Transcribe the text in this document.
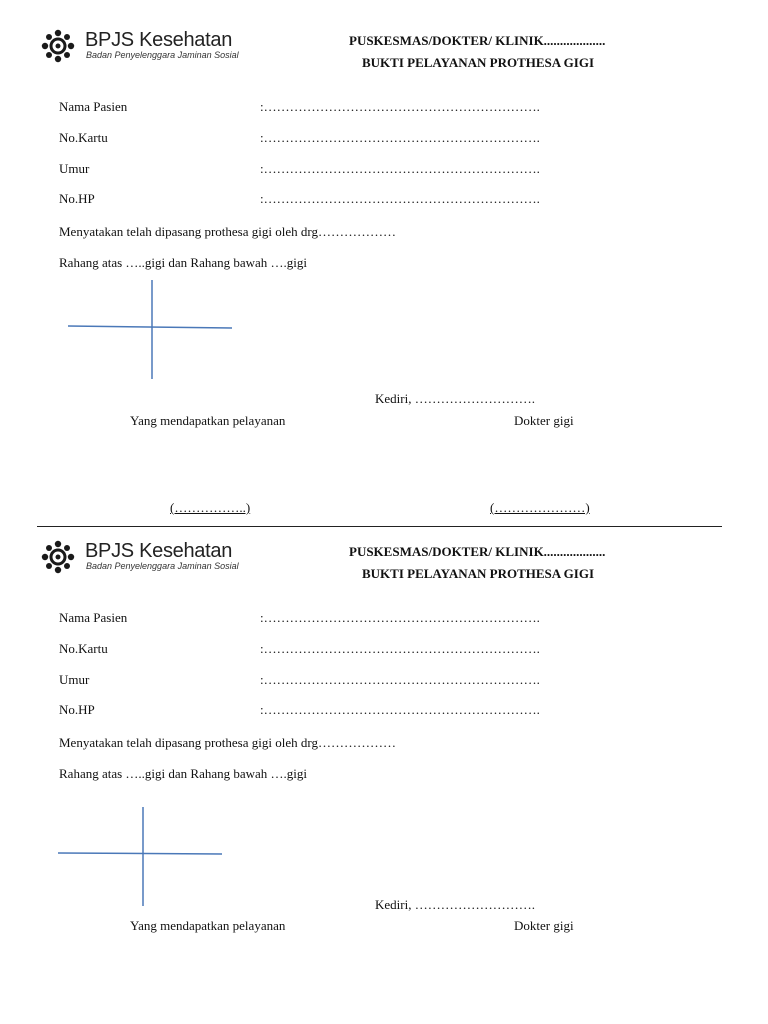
BPJS Kesehatan
Badan Penyelenggara Jaminan Sosial
PUSKESMAS/DOKTER/ KLINIK...................
BUKTI PELAYANAN PROTHESA GIGI
Nama Pasien	:……………………………………………………….
No.Kartu	:……………………………………………………….
Umur	:……………………………………………………….
No.HP	:……………………………………………………….
Menyatakan telah dipasang prothesa gigi oleh drg………………
Rahang atas …..gigi dan Rahang bawah ….gigi
Kediri, ……………………….
Yang mendapatkan pelayanan	Dokter gigi
(……………..)	(…………………)
BPJS Kesehatan
Badan Penyelenggara Jaminan Sosial
PUSKESMAS/DOKTER/ KLINIK...................
BUKTI PELAYANAN PROTHESA GIGI
Nama Pasien	:……………………………………………………….
No.Kartu	:……………………………………………………….
Umur	:……………………………………………………….
No.HP	:……………………………………………………….
Menyatakan telah dipasang prothesa gigi oleh drg………………
Rahang atas …..gigi dan Rahang bawah ….gigi
Kediri, ……………………….
Yang mendapatkan pelayanan	Dokter gigi
